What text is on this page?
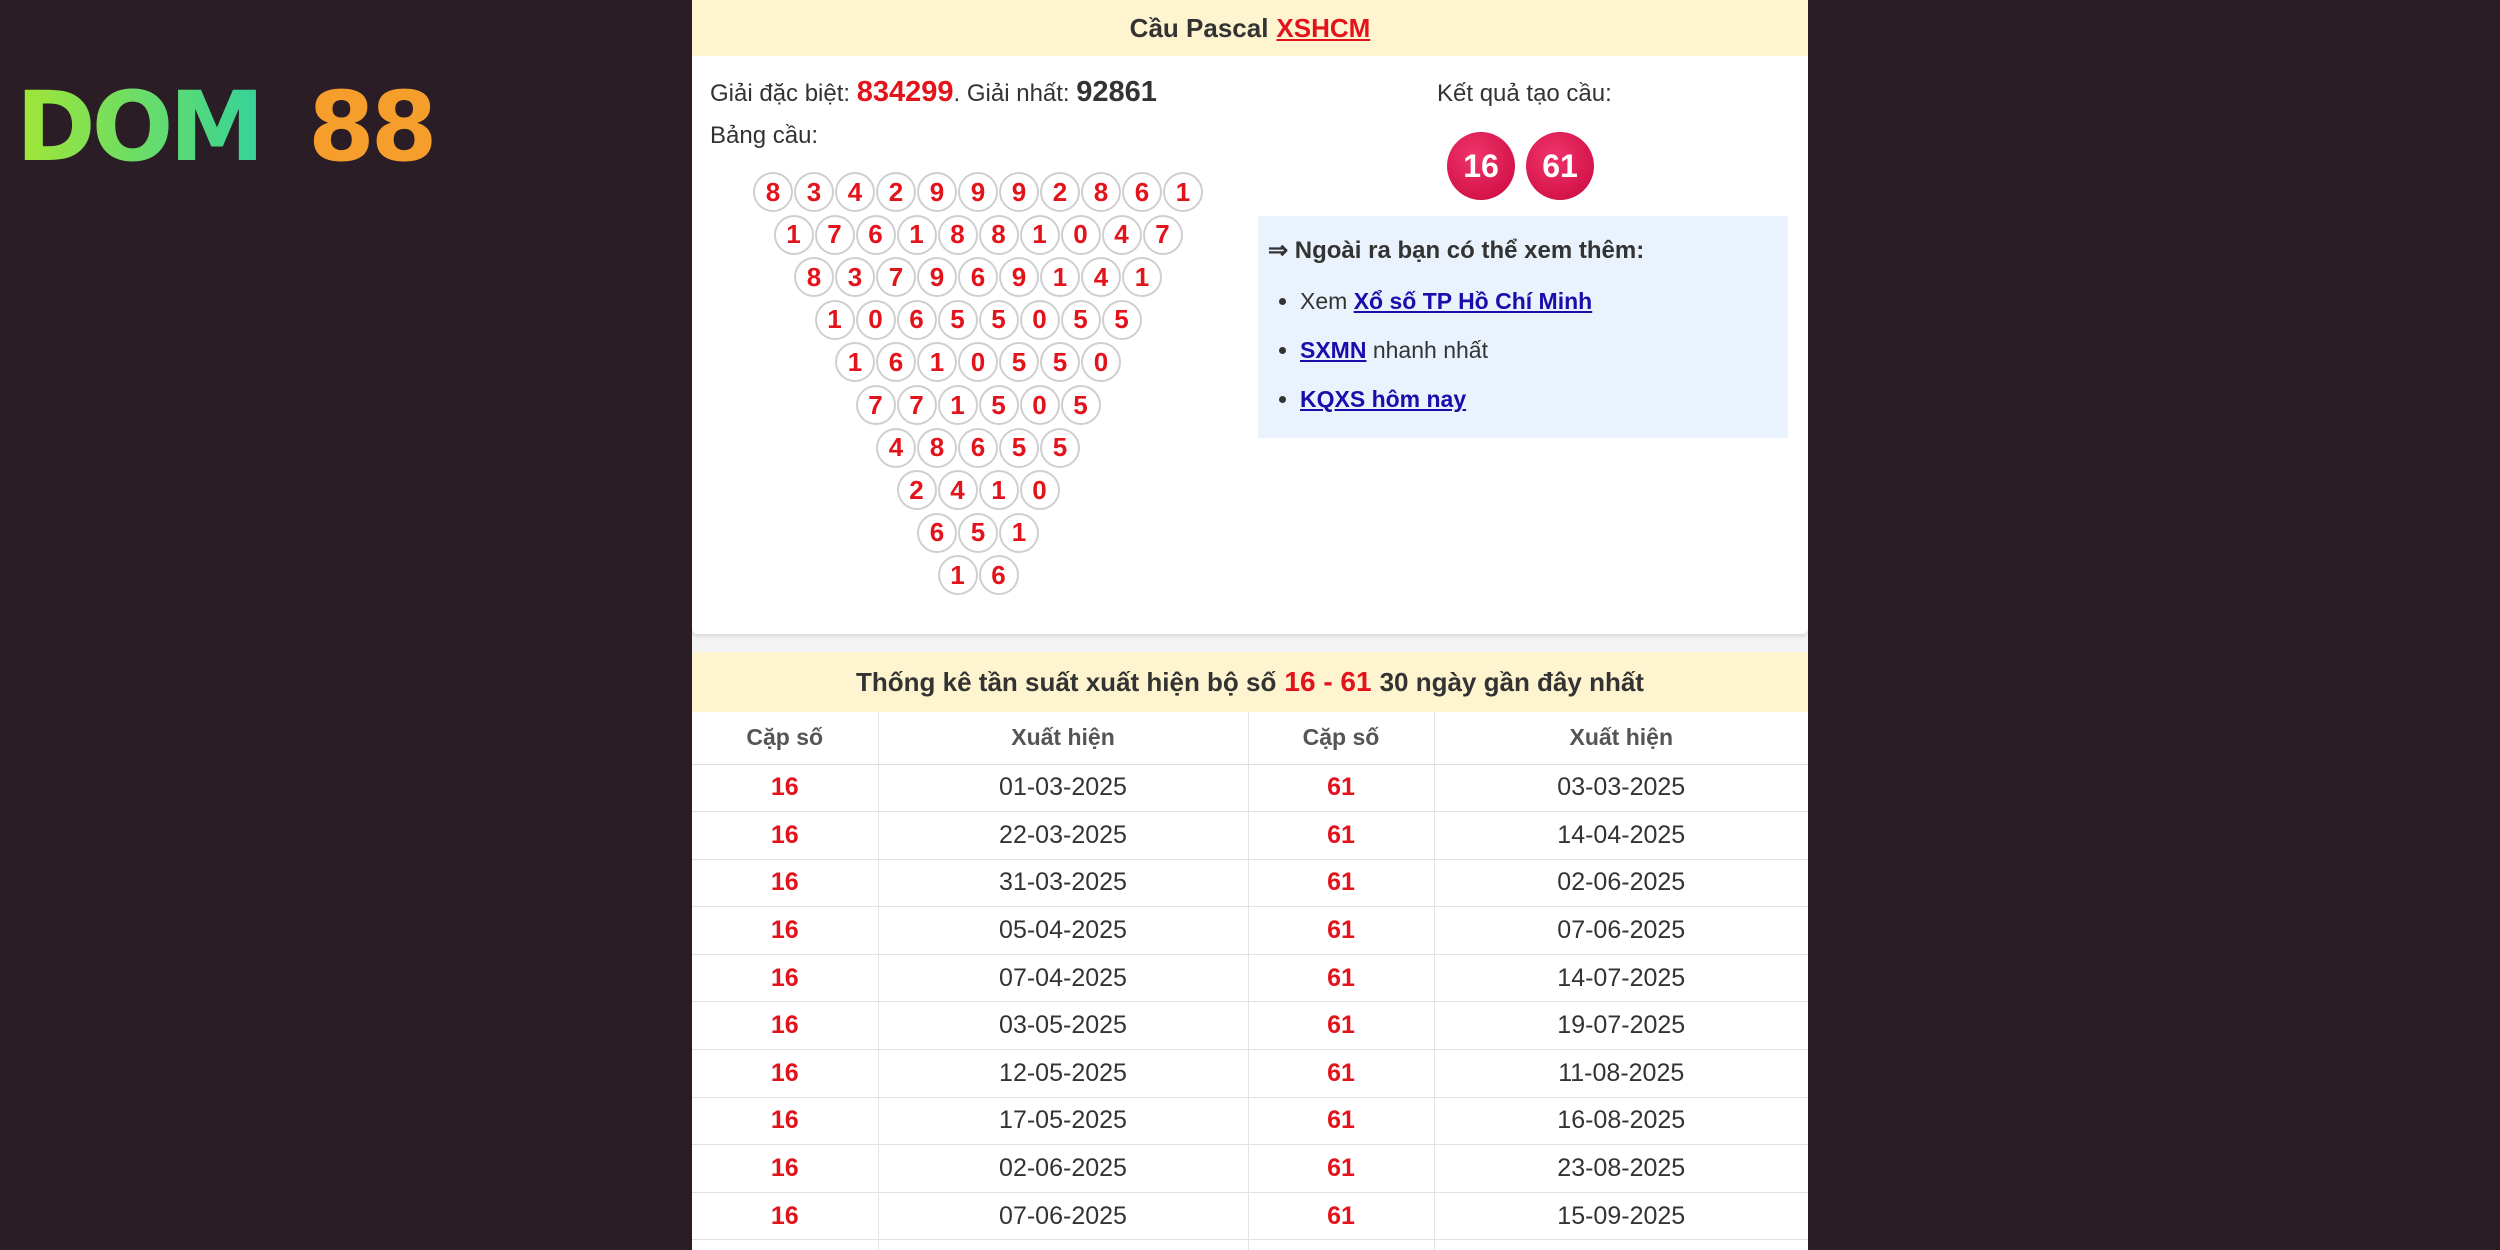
DOM 88
Cầu Pascal XSHCM
Giải đặc biệt: 834299. Giải nhất: 92861
Bảng cầu:
8	3	4	2	9	9	9	2	8	6	1
1	7	6	1	8	8	1	0	4	7
8	3	7	9	6	9	1	4	1
1	0	6	5	5	0	5	5
1	6	1	0	5	5	0
7	7	1	5	0	5
4	8	6	5	5
2	4	1	0
6	5	1
1	6
Kết quả tạo cầu:
16	61
⇒ Ngoài ra bạn có thể xem thêm:
• Xem Xổ số TP Hồ Chí Minh
• SXMN nhanh nhất
• KQXS hôm nay
Thống kê tần suất xuất hiện bộ số 16 - 61 30 ngày gần đây nhất
Cặp số	Xuất hiện	Cặp số	Xuất hiện
16	01-03-2025	61	03-03-2025
16	22-03-2025	61	14-04-2025
16	31-03-2025	61	02-06-2025
16	05-04-2025	61	07-06-2025
16	07-04-2025	61	14-07-2025
16	03-05-2025	61	19-07-2025
16	12-05-2025	61	11-08-2025
16	17-05-2025	61	16-08-2025
16	02-06-2025	61	23-08-2025
16	07-06-2025	61	15-09-2025
